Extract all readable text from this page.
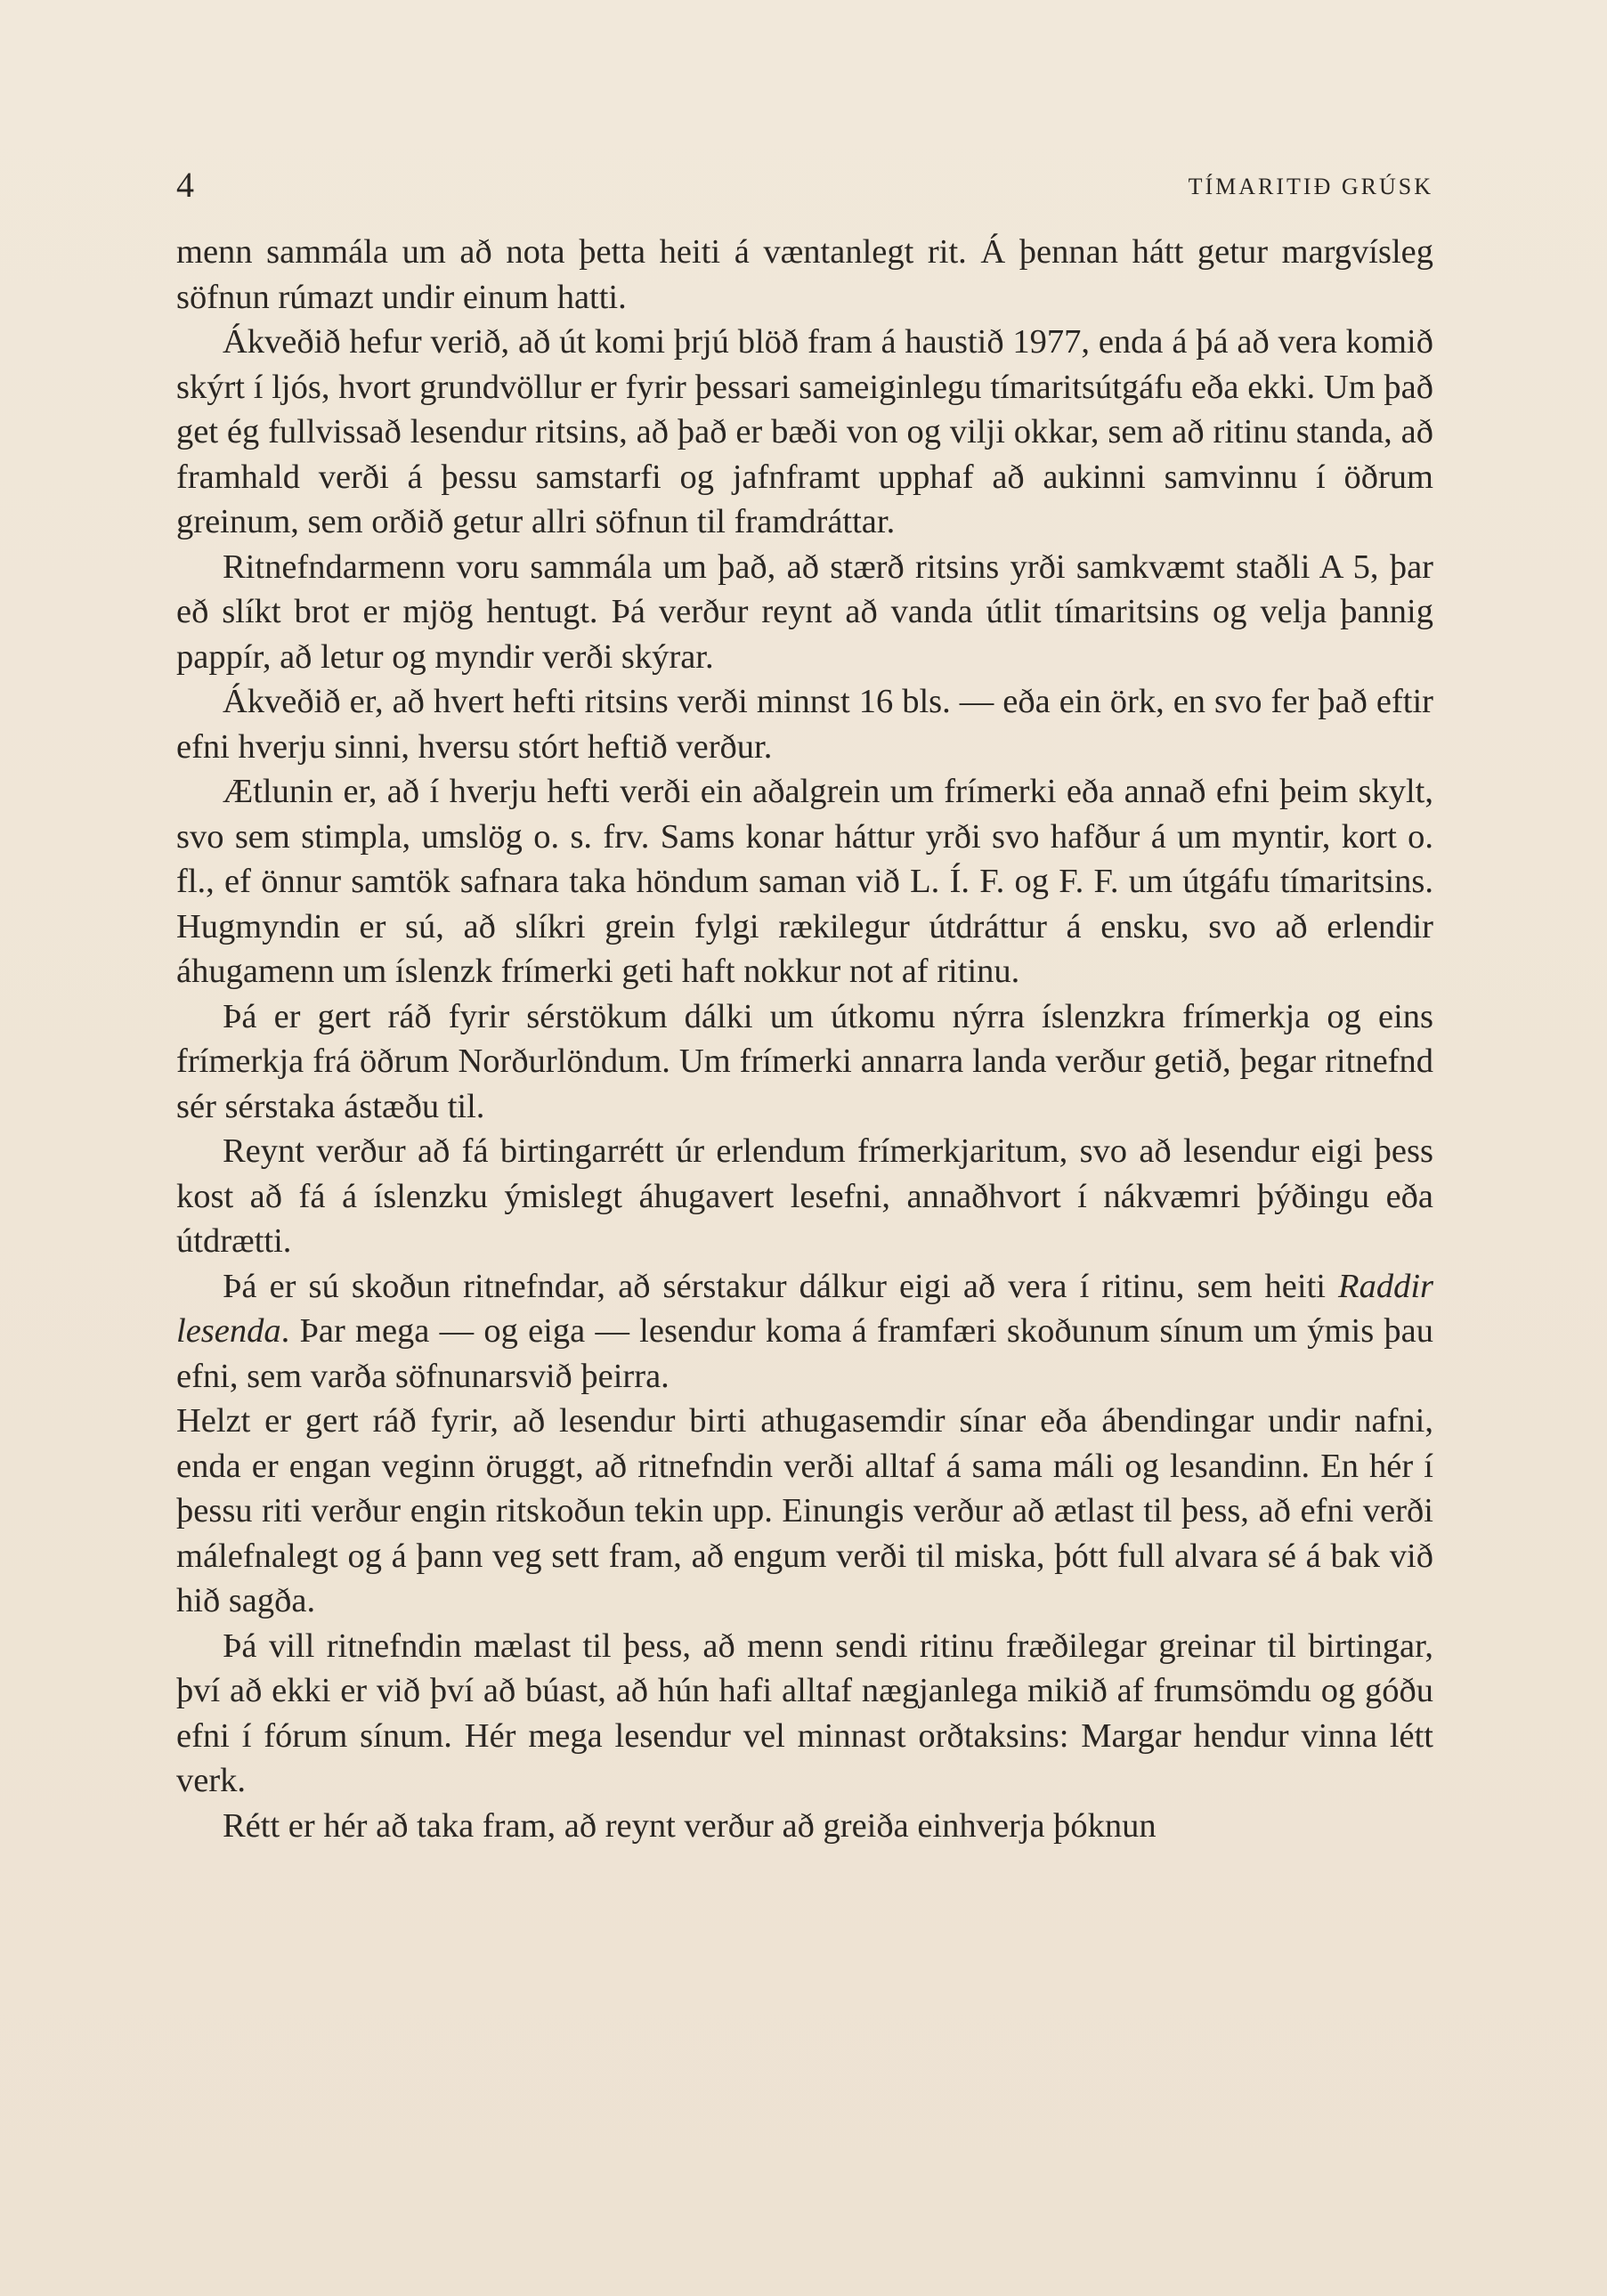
4	TÍMARITIÐ GRÚSK

menn sammála um að nota þetta heiti á væntanlegt rit. Á þennan hátt getur margvísleg söfnun rúmazt undir einum hatti.

Ákveðið hefur verið, að út komi þrjú blöð fram á haustið 1977, enda á þá að vera komið skýrt í ljós, hvort grundvöllur er fyrir þessari sameiginlegu tímaritsútgáfu eða ekki. Um það get ég fullvissað lesendur ritsins, að það er bæði von og vilji okkar, sem að ritinu standa, að framhald verði á þessu samstarfi og jafnframt upphaf að aukinni samvinnu í öðrum greinum, sem orðið getur allri söfnun til framdráttar.

Ritnefndarmenn voru sammála um það, að stærð ritsins yrði samkvæmt staðli A 5, þar eð slíkt brot er mjög hentugt. Þá verður reynt að vanda útlit tímaritsins og velja þannig pappír, að letur og myndir verði skýrar.

Ákveðið er, að hvert hefti ritsins verði minnst 16 bls. — eða ein örk, en svo fer það eftir efni hverju sinni, hversu stórt heftið verður.

Ætlunin er, að í hverju hefti verði ein aðalgrein um frímerki eða annað efni þeim skylt, svo sem stimpla, umslög o. s. frv. Sams konar háttur yrði svo hafður á um myntir, kort o. fl., ef önnur samtök safnara taka höndum saman við L. Í. F. og F. F. um útgáfu tímaritsins. Hugmyndin er sú, að slíkri grein fylgi rækilegur útdráttur á ensku, svo að erlendir áhugamenn um íslenzk frímerki geti haft nokkur not af ritinu.

Þá er gert ráð fyrir sérstökum dálki um útkomu nýrra íslenzkra frímerkja og eins frímerkja frá öðrum Norðurlöndum. Um frímerki annarra landa verður getið, þegar ritnefnd sér sérstaka ástæðu til.

Reynt verður að fá birtingarrétt úr erlendum frímerkjaritum, svo að lesendur eigi þess kost að fá á íslenzku ýmislegt áhugavert lesefni, annaðhvort í nákvæmri þýðingu eða útdrætti.

Þá er sú skoðun ritnefndar, að sérstakur dálkur eigi að vera í ritinu, sem heiti Raddir lesenda. Þar mega — og eiga — lesendur koma á framfæri skoðunum sínum um ýmis þau efni, sem varða söfnunarsvið þeirra.

Helzt er gert ráð fyrir, að lesendur birti athugasemdir sínar eða ábendingar undir nafni, enda er engan veginn öruggt, að ritnefndin verði alltaf á sama máli og lesandinn. En hér í þessu riti verður engin ritskoðun tekin upp. Einungis verður að ætlast til þess, að efni verði málefnalegt og á þann veg sett fram, að engum verði til miska, þótt full alvara sé á bak við hið sagða.

Þá vill ritnefndin mælast til þess, að menn sendi ritinu fræðilegar greinar til birtingar, því að ekki er við því að búast, að hún hafi alltaf nægjanlega mikið af frumsömdu og góðu efni í fórum sínum. Hér mega lesendur vel minnast orðtaksins: Margar hendur vinna létt verk.

Rétt er hér að taka fram, að reynt verður að greiða einhverja þóknun
